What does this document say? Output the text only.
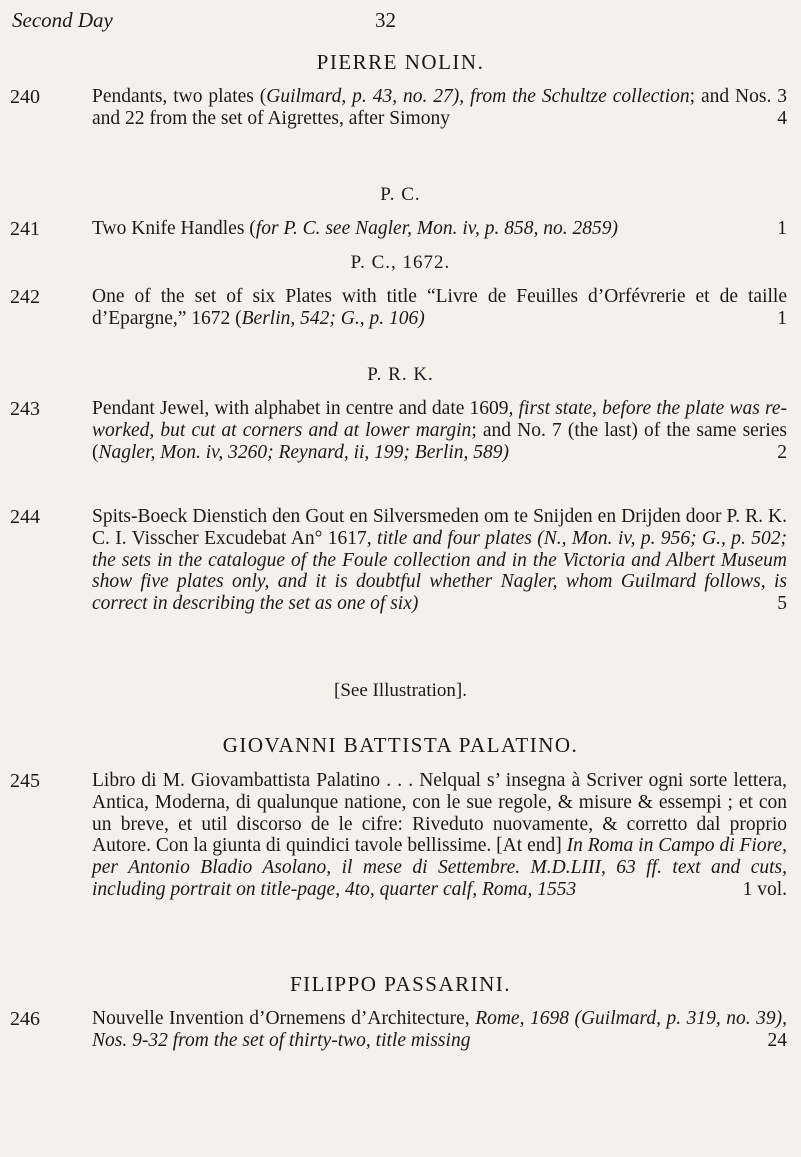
Second Day	32
PIERRE NOLIN.
240	Pendants, two plates (Guilmard, p. 43, no. 27), from the Schultze collection; and Nos. 3 and 22 from the set of Aigrettes, after Simony	4
P. C.
241	Two Knife Handles (for P. C. see Nagler, Mon. iv, p. 858, no. 2859)	1
P. C., 1672.
242	One of the set of six Plates with title “Livre de Feuilles d’Orfévrerie et de taille d’Epargne,” 1672 (Berlin, 542; G., p. 106)	1
P. R. K.
243	Pendant Jewel, with alphabet in centre and date 1609, first state, before the plate was re-worked, but cut at corners and at lower margin; and No. 7 (the last) of the same series (Nagler, Mon. iv, 3260; Reynard, ii, 199; Berlin, 589)	2
244	Spits-Boeck Dienstich den Gout en Silversmeden om te Snijden en Drijden door P. R. K. C. I. Visscher Excudebat An° 1617, title and four plates (N., Mon. iv, p. 956; G., p. 502; the sets in the catalogue of the Foule collection and in the Victoria and Albert Museum show five plates only, and it is doubtful whether Nagler, whom Guilmard follows, is correct in describing the set as one of six)	5
[See Illustration].
GIOVANNI BATTISTA PALATINO.
245	Libro di M. Giovambattista Palatino . . . Nelqual s’ insegna à Scriver ogni sorte lettera, Antica, Moderna, di qualunque natione, con le sue regole, & misure & essempi ; et con un breve, et util discorso de le cifre: Riveduto nuovamente, & corretto dal proprio Autore. Con la giunta di quindici tavole bellissime. [At end] In Roma in Campo di Fiore, per Antonio Bladio Asolano, il mese di Settembre. M.D.LIII, 63 ff. text and cuts, including portrait on title-page, 4to, quarter calf, Roma, 1553	1 vol.
FILIPPO PASSARINI.
246	Nouvelle Invention d’Ornemens d’Architecture, Rome, 1698 (Guilmard, p. 319, no. 39), Nos. 9-32 from the set of thirty-two, title missing	24
